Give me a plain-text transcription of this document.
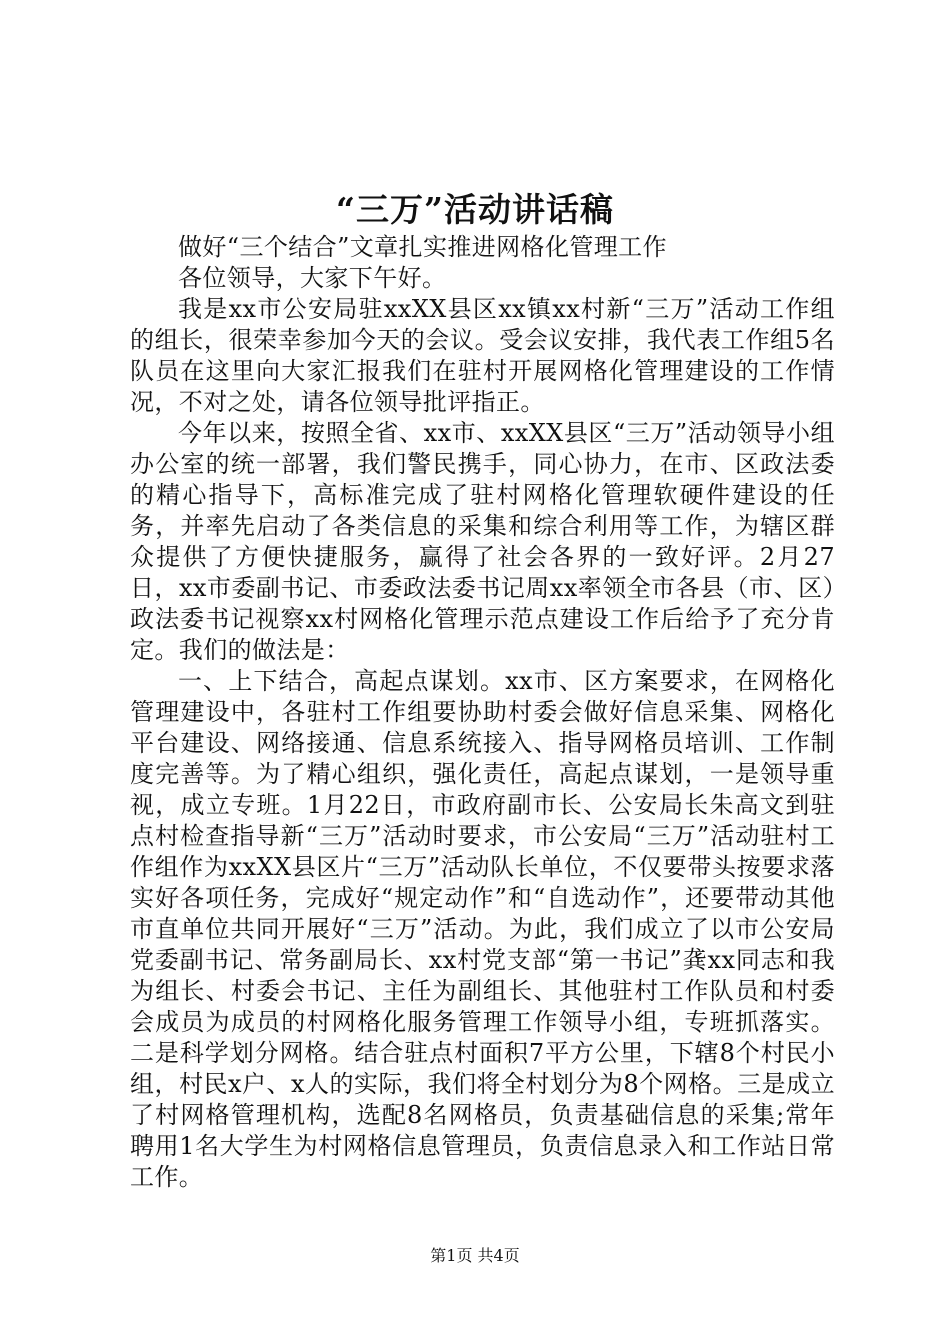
“三万”活动讲话稿

做好“三个结合”文章扎实推进网格化管理工作

各位领导，大家下午好。

我是xx市公安局驻xxXX县区xx镇xx村新“三万”活动工作组的组长，很荣幸参加今天的会议。受会议安排，我代表工作组5名队员在这里向大家汇报我们在驻村开展网格化管理建设的工作情况，不对之处，请各位领导批评指正。

今年以来，按照全省、xx市、xxXX县区“三万”活动领导小组办公室的统一部署，我们警民携手，同心协力，在市、区政法委的精心指导下，高标准完成了驻村网格化管理软硬件建设的任务，并率先启动了各类信息的采集和综合利用等工作，为辖区群众提供了方便快捷服务，赢得了社会各界的一致好评。2月27日，xx市委副书记、市委政法委书记周xx率领全市各县（市、区）政法委书记视察xx村网格化管理示范点建设工作后给予了充分肯定。我们的做法是：

一、上下结合，高起点谋划。xx市、区方案要求，在网格化管理建设中，各驻村工作组要协助村委会做好信息采集、网格化平台建设、网络接通、信息系统接入、指导网格员培训、工作制度完善等。为了精心组织，强化责任，高起点谋划，一是领导重视，成立专班。1月22日，市政府副市长、公安局长朱高文到驻点村检查指导新“三万”活动时要求，市公安局“三万”活动驻村工作组作为xxXX县区片“三万”活动队长单位，不仅要带头按要求落实好各项任务，完成好“规定动作”和“自选动作”，还要带动其他市直单位共同开展好“三万”活动。为此，我们成立了以市公安局党委副书记、常务副局长、xx村党支部“第一书记”龚xx同志和我为组长、村委会书记、主任为副组长、其他驻村工作队员和村委会成员为成员的村网格化服务管理工作领导小组，专班抓落实。二是科学划分网格。结合驻点村面积7平方公里，下辖8个村民小组，村民x户、x人的实际，我们将全村划分为8个网格。三是成立了村网格管理机构，选配8名网格员，负责基础信息的采集;常年聘用1名大学生为村网格信息管理员，负责信息录入和工作站日常工作。

第1页 共4页
